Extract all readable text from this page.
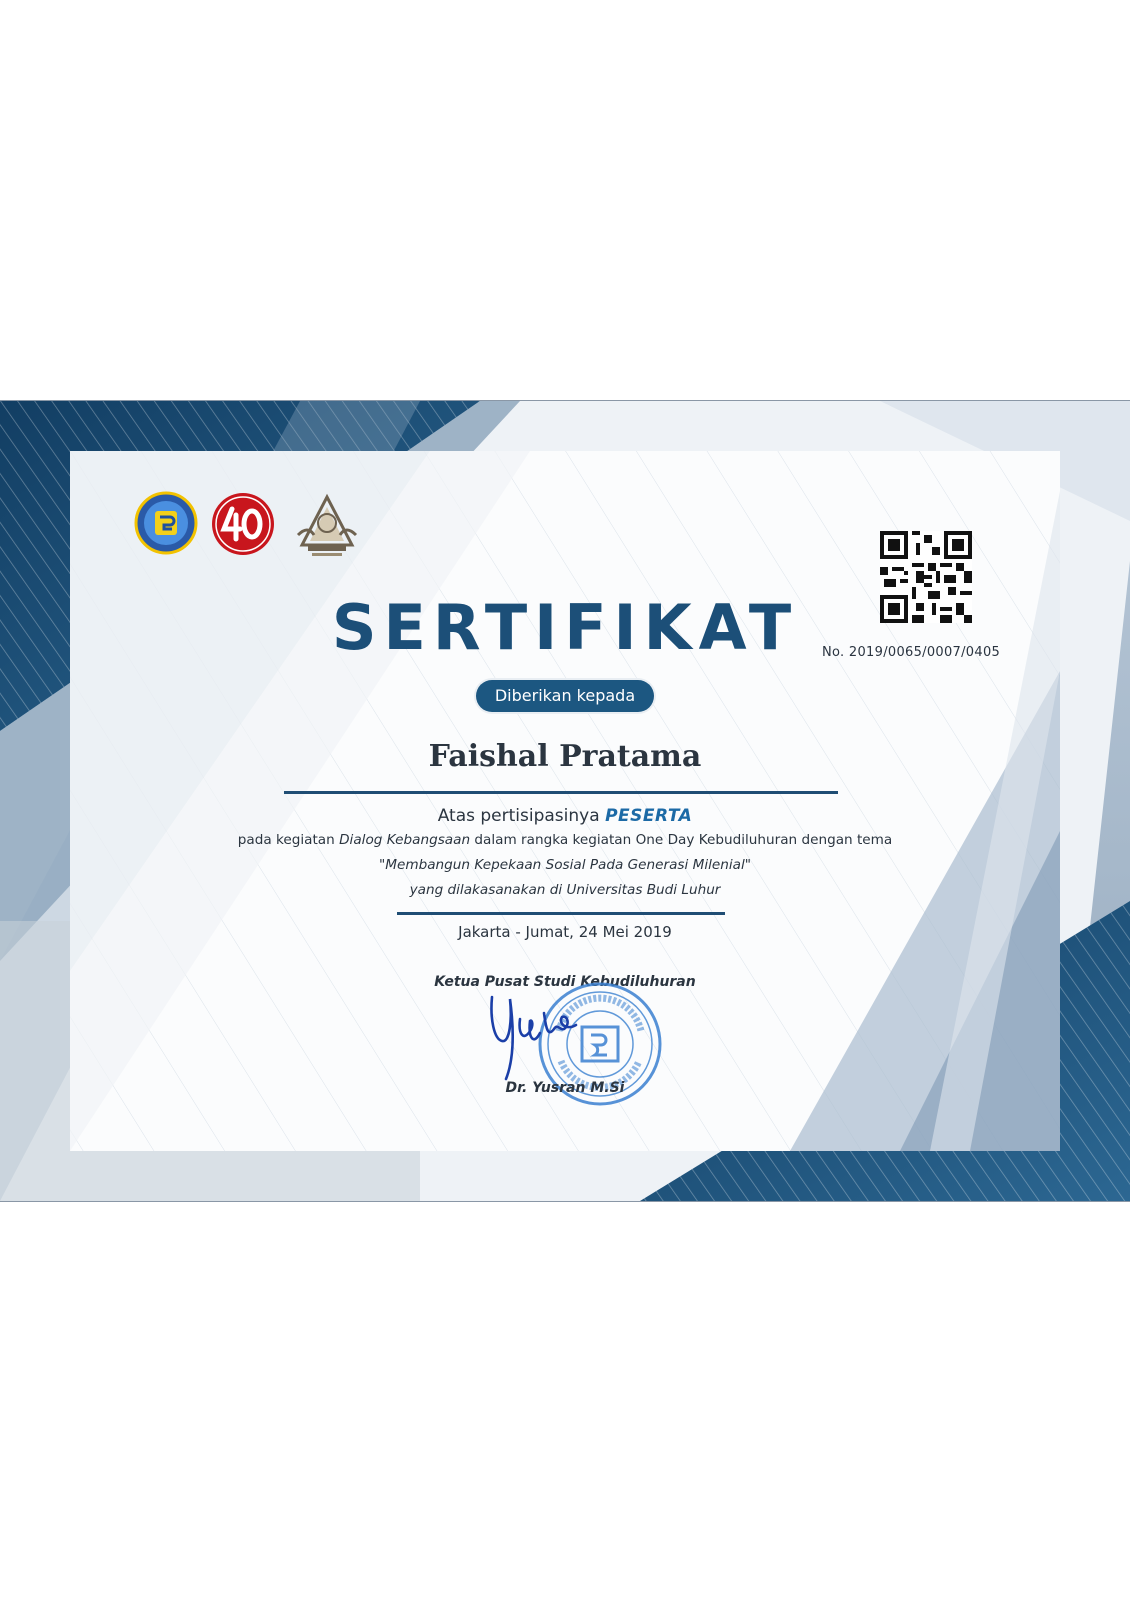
SERTIFIKAT	No. 2019/0065/0007/0405
Diberikan kepada
Faishal Pratama
Atas pertisipasinya PESERTA
pada kegiatan Dialog Kebangsaan dalam rangka kegiatan One Day Kebudiluhuran dengan tema
"Membangun Kepekaan Sosial Pada Generasi Milenial"
yang dilakasanakan di Universitas Budi Luhur
Jakarta - Jumat, 24 Mei 2019
Ketua Pusat Studi Kebudiluhuran
Dr. Yusran M.Si
